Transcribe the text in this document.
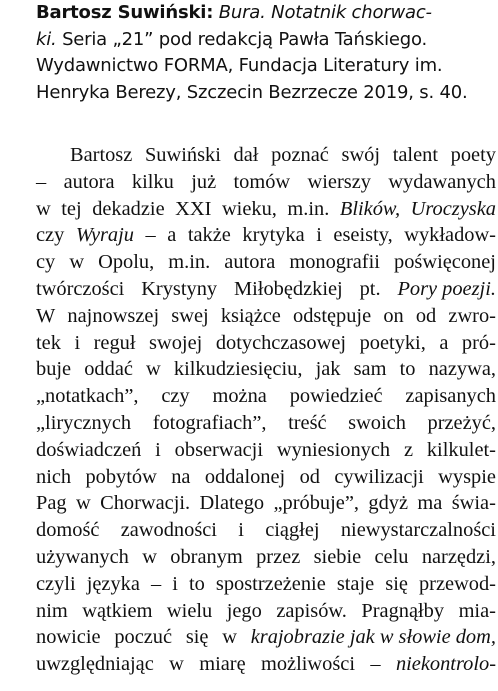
Bartosz Suwiński: Bura. Notatnik chorwac-
ki. Seria „21” pod redakcją Pawła Tańskiego.
Wydawnictwo FORMA, Fundacja Literatury im.
Henryka Berezy, Szczecin Bezrzecze 2019, s. 40.
Bartosz Suwiński dał poznać swój talent poety
– autora kilku już tomów wierszy wydawanych
w tej dekadzie XXI wieku, m.in. Blików, Uroczyska
czy Wyraju – a także krytyka i eseisty, wykładow-
cy w Opolu, m.in. autora monografii poświęconej
twórczości Krystyny Miłobędzkiej pt. Pory poezji.
W najnowszej swej książce odstępuje on od zwro-
tek i reguł swojej dotychczasowej poetyki, a pró-
buje oddać w kilkudziesięciu, jak sam to nazywa,
„notatkach”, czy można powiedzieć zapisanych
„lirycznych fotografiach”, treść swoich przeżyć,
doświadczeń i obserwacji wyniesionych z kilkulet-
nich pobytów na oddalonej od cywilizacji wyspie
Pag w Chorwacji. Dlatego „próbuje”, gdyż ma świa-
domość zawodności i ciągłej niewystarczalności
używanych w obranym przez siebie celu narzędzi,
czyli języka – i to spostrzeżenie staje się przewod-
nim wątkiem wielu jego zapisów. Pragnąłby mia-
nowicie poczuć się w krajobrazie jak w słowie dom,
uwzględniając w miarę możliwości – niekontrolo-
